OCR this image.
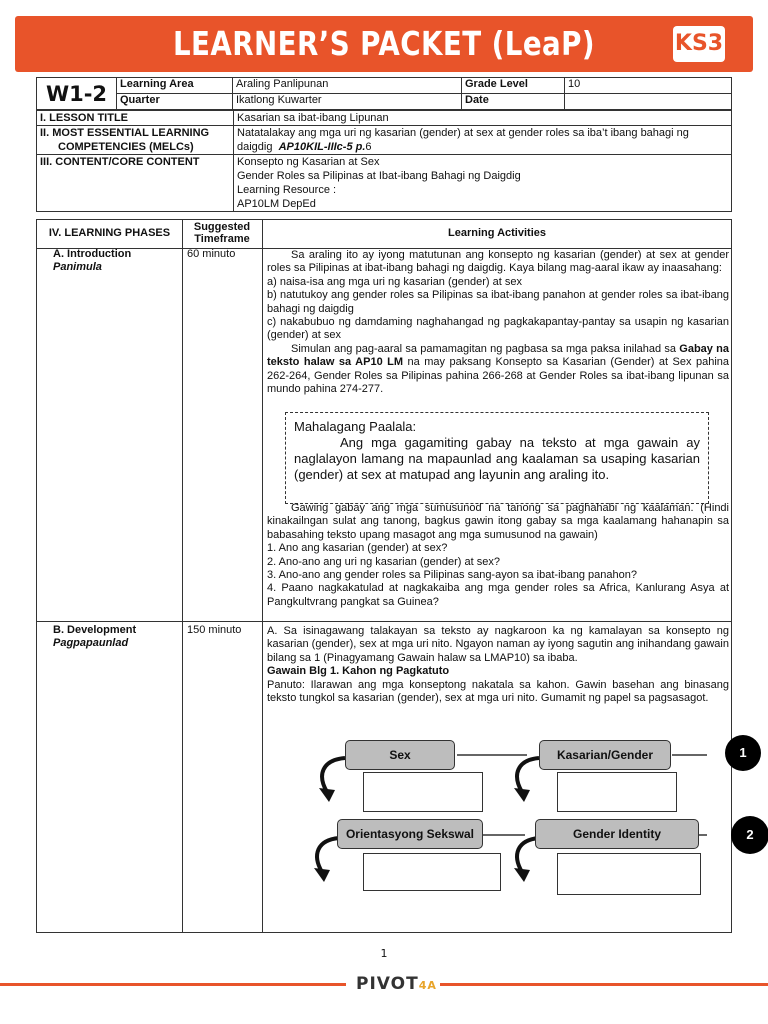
LEARNER’S PACKET (LeaP)	KS3
W1-2	Learning Area	Araling Panlipunan	Grade Level	10
	Quarter	Ikatlong Kuwarter	Date	
I. LESSON TITLE	Kasarian sa ibat-ibang Lipunan

II. MOST ESSENTIAL LEARNING
COMPETENCIES (MELCs)	Natatalakay ang mga uri ng kasarian (gender) at sex at gender roles sa iba’t ibang bahagi ng daigdig AP10KIL-IIIc-5 p.6
III. CONTENT/CORE CONTENT	Konsepto ng Kasarian at Sex
Gender Roles sa Pilipinas at Ibat-ibang Bahagi ng Daigdig
Learning Resource :
AP10LM DepEd
IV. LEARNING PHASES	Suggested
Timeframe	Learning Activities
A. Introduction
Panimula
60 minuto	Sa araling ito ay iyong matutunan ang konsepto ng kasarian (gender) at sex at gender roles sa Pilipinas at ibat-ibang bahagi ng daigdig. Kaya bilang mag-aaral ikaw ay inaasahang:

a) naisa-isa ang mga uri ng kasarian (gender) at sex

b) natutukoy ang gender roles sa Pilipinas sa ibat-ibang panahon at gender roles sa ibat-ibang bahagi ng daigdig

c) nakabubuo ng damdaming naghahangad ng pagkakapantay-pantay sa usapin ng kasarian (gender) at sex

Simulan ang pag-aaral sa pamamagitan ng pagbasa sa mga paksa inilahad sa Gabay na teksto halaw sa AP10 LM na may paksang Konsepto sa Kasarian (Gender) at Sex pahina 262-264, Gender Roles sa Pilipinas pahina 266-268 at Gender Roles sa ibat-ibang lipunan sa mundo pahina 274-277.

Mahalagang Paalala:
Ang mga gagamiting gabay na teksto at mga gawain ay naglalayon lamang na mapaunlad ang kaalaman sa usaping kasarian (gender) at sex at matupad ang layunin ang araling ito.

Gawing gabay ang mga sumusunod na tanong sa paghahabi ng kaalaman. (Hindi kinakailngan sulat ang tanong, bagkus gawin itong gabay sa mga kaalamang hahanapin sa babasahing teksto upang masagot ang mga sumusunod na gawain)

1. Ano ang kasarian (gender) at sex?

2. Ano-ano ang uri ng kasarian (gender) at sex?

3. Ano-ano ang gender roles sa Pilipinas sang-ayon sa ibat-ibang panahon?

4. Paano nagkakatulad at nagkakaiba ang mga gender roles sa Africa, Kanlurang Asya at Pangkultvrang pangkat sa Guinea?

B. Development
Pagpapaunlad
150 minuto A. Sa isinagawang talakayan sa teksto ay nagkaroon ka ng kamalayan sa konsepto ng kasarian (gender), sex at mga uri nito. Ngayon naman ay iyong sagutin ang inihandang gawain bilang sa 1 (Pinagyamang Gawain halaw sa LMAP10) sa ibaba.

Gawain Blg 1. Kahon ng Pagkatuto

Panuto: Ilarawan ang mga konseptong nakatala sa kahon. Gawin basehan ang binasang teksto tungkol sa kasarian (gender), sex at mga uri nito. Gumamit ng papel sa pagsasagot.

Sex	Kasarian/Gender	1
Orientasyong Sekswal	Gender Identity	2
1
PIVOT4A
